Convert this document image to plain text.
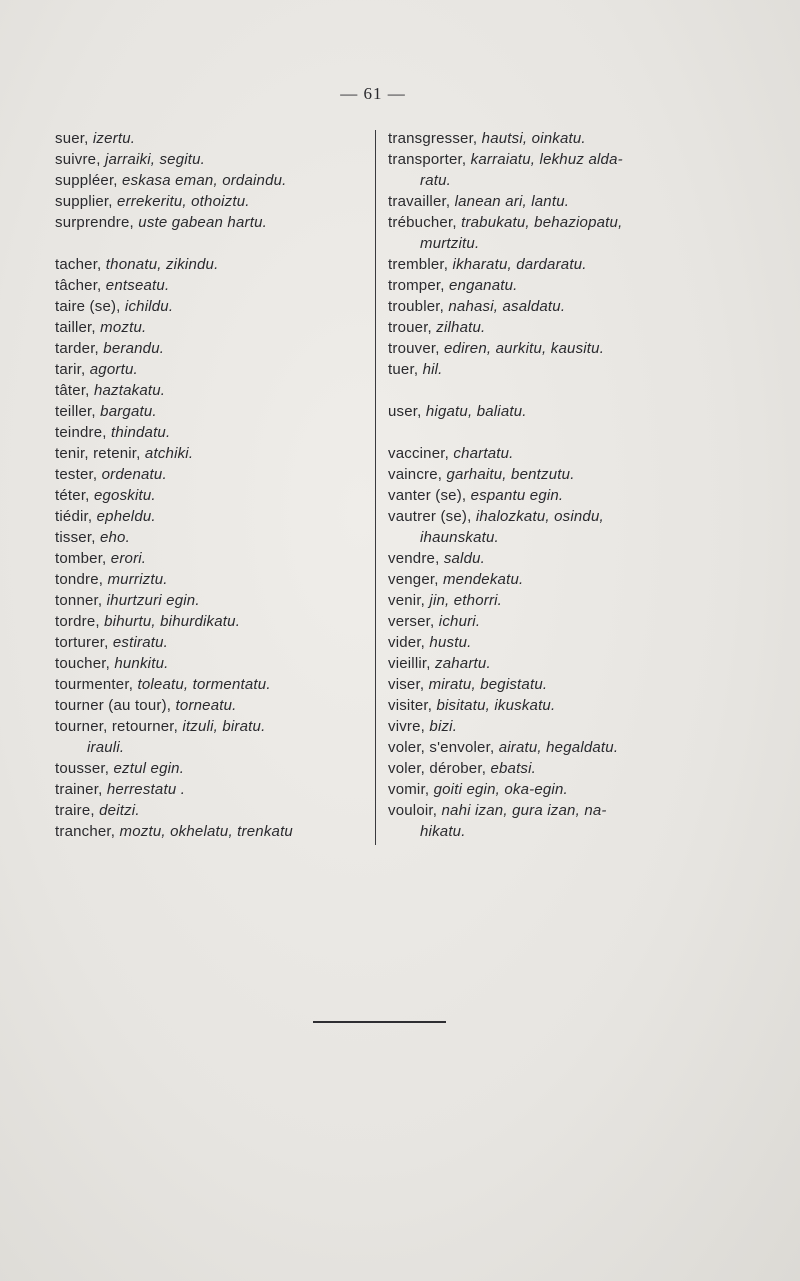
— 61 —
suer, izertu.
suivre, jarraiki, segitu.
suppléer, eskasa eman, ordaindu.
supplier, errekeritu, othoiztu.
surprendre, uste gabean hartu.
tacher, thonatu, zikindu.
tâcher, entseatu.
taire (se), ichildu.
tailler, moztu.
tarder, berandu.
tarir, agortu.
tâter, haztakatu.
teiller, bargatu.
teindre, thindatu.
tenir, retenir, atchiki.
tester, ordenatu.
téter, egoskitu.
tiédir, epheldu.
tisser, eho.
tomber, erori.
tondre, murriztu.
tonner, ihurtzuri egin.
tordre, bihurtu, bihurdikatu.
torturer, estiratu.
toucher, hunkitu.
tourmenter, toleatu, tormentatu.
tourner (au tour), torneatu.
tourner, retourner, itzuli, biratu.
irauli.
tousser, eztul egin.
trainer, herrestatu .
traire, deitzi.
trancher, moztu, okhelatu, trenkatu
transgresser, hautsi, oinkatu.
transporter, karraiatu, lekhuz alda-
ratu.
travailler, lanean ari, lantu.
trébucher, trabukatu, behaziopatu,
murtzitu.
trembler, ikharatu, dardaratu.
tromper, enganatu.
troubler, nahasi, asaldatu.
trouer, zilhatu.
trouver, ediren, aurkitu, kausitu.
tuer, hil.
user, higatu, baliatu.
vacciner, chartatu.
vaincre, garhaitu, bentzutu.
vanter (se), espantu egin.
vautrer (se), ihalozkatu, osindu,
ihaunskatu.
vendre, saldu.
venger, mendekatu.
venir, jin, ethorri.
verser, ichuri.
vider, hustu.
vieillir, zahartu.
viser, miratu, begistatu.
visiter, bisitatu, ikuskatu.
vivre, bizi.
voler, s'envoler, airatu, hegaldatu.
voler, dérober, ebatsi.
vomir, goiti egin, oka-egin.
vouloir, nahi izan, gura izan, na-
hikatu.
